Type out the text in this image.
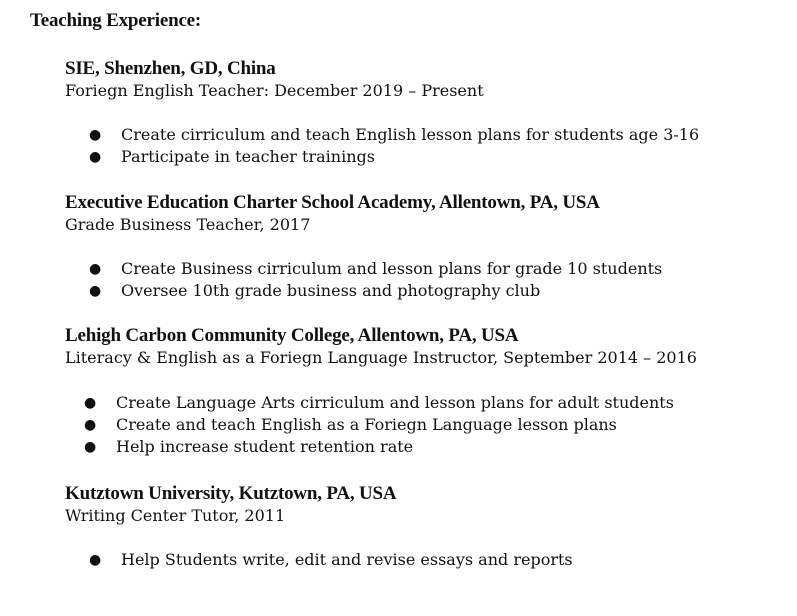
Teaching Experience:
SIE, Shenzhen, GD, China
Foriegn English Teacher: December 2019 – Present
● Create cirriculum and teach English lesson plans for students age 3-16
● Participate in teacher trainings
Executive Education Charter School Academy, Allentown, PA, USA
Grade Business Teacher, 2017
● Create Business cirriculum and lesson plans for grade 10 students
● Oversee 10th grade business and photography club
Lehigh Carbon Community College, Allentown, PA, USA
Literacy & English as a Foriegn Language Instructor, September 2014 – 2016
● Create Language Arts cirriculum and lesson plans for adult students
● Create and teach English as a Foriegn Language lesson plans
● Help increase student retention rate
Kutztown University, Kutztown, PA, USA
Writing Center Tutor, 2011
● Help Students write, edit and revise essays and reports
